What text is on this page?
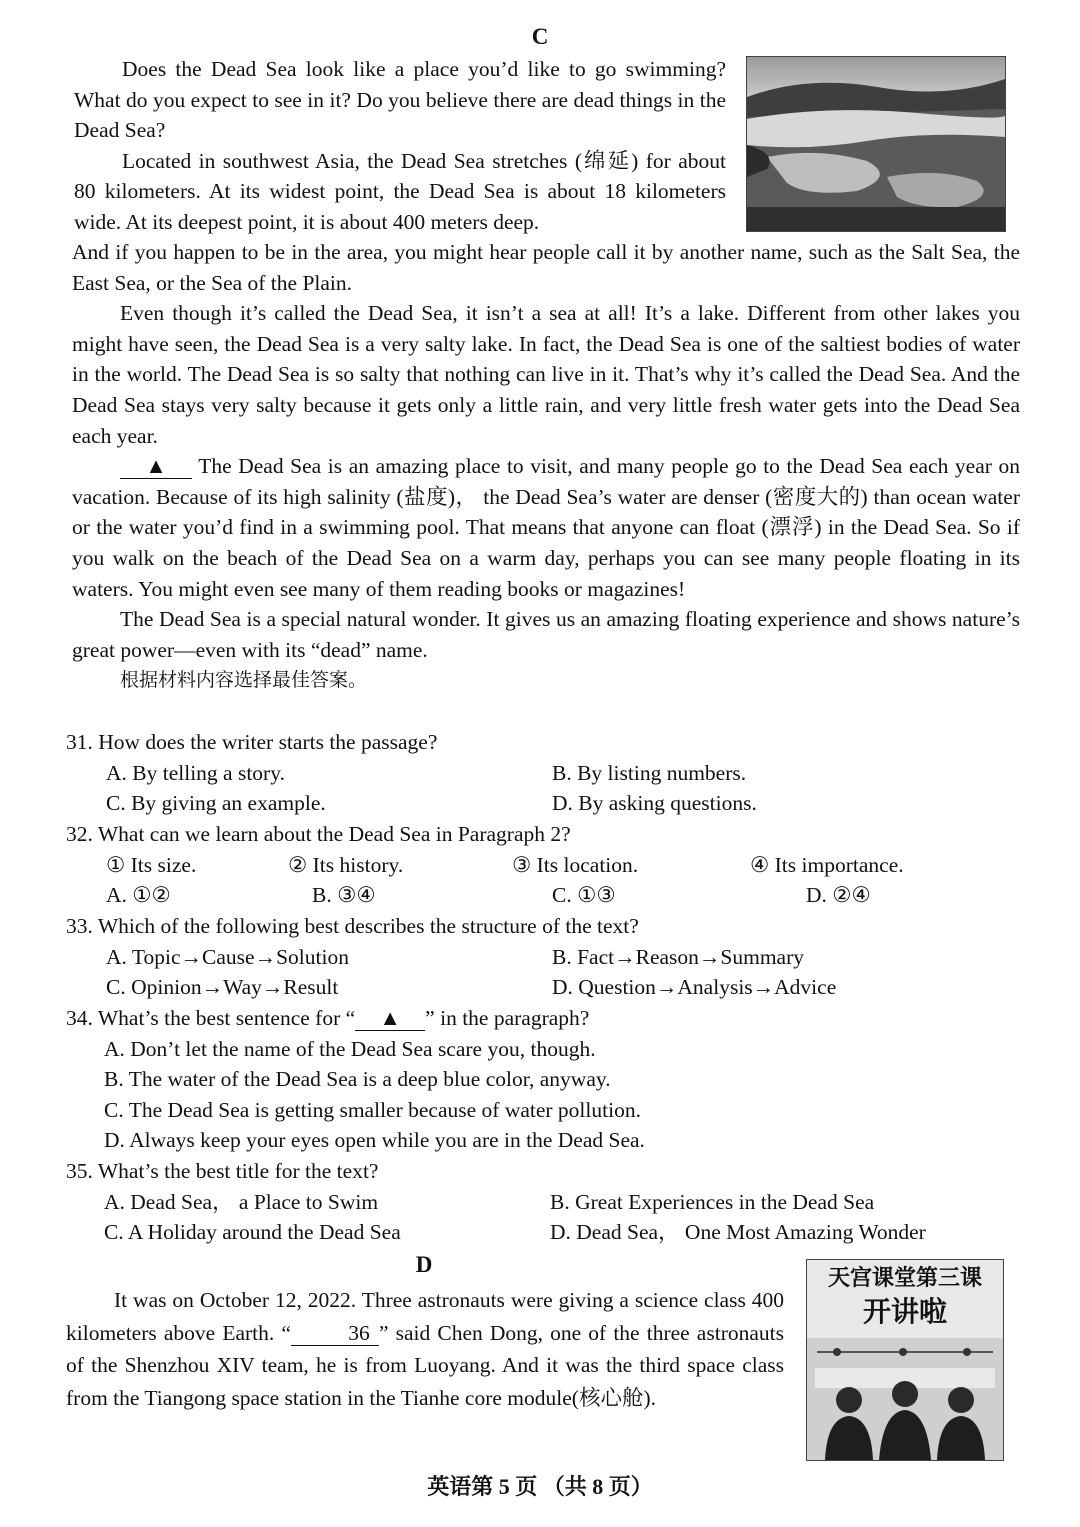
C

Does the Dead Sea look like a place you’d like to go swimming? What do you expect to see in it? Do you believe there are dead things in the Dead Sea?

Located in southwest Asia, the Dead Sea stretches (绵延) for about 80 kilometers. At its widest point, the Dead Sea is about 18 kilometers wide. At its deepest point, it is about 400 meters deep.

And if you happen to be in the area, you might hear people call it by another name, such as the Salt Sea, the East Sea, or the Sea of the Plain.

Even though it’s called the Dead Sea, it isn’t a sea at all! It’s a lake. Different from other lakes you might have seen, the Dead Sea is a very salty lake. In fact, the Dead Sea is one of the saltiest bodies of water in the world. The Dead Sea is so salty that nothing can live in it. That’s why it’s called the Dead Sea. And the Dead Sea stays very salty because it gets only a little rain, and very little fresh water gets into the Dead Sea each year.

▲ The Dead Sea is an amazing place to visit, and many people go to the Dead Sea each year on vacation. Because of its high salinity (盐度)， the Dead Sea’s water are denser (密度大的) than ocean water or the water you’d find in a swimming pool. That means that anyone can float (漂浮) in the Dead Sea. So if you walk on the beach of the Dead Sea on a warm day, perhaps you can see many people floating in its waters. You might even see many of them reading books or magazines!

The Dead Sea is a special natural wonder. It gives us an amazing floating experience and shows nature’s great power—even with its “dead” name.

根据材料内容选择最佳答案。

31. How does the writer starts the passage?
A. By telling a story.	B. By listing numbers.
C. By giving an example.	D. By asking questions.
32. What can we learn about the Dead Sea in Paragraph 2?
① Its size.	② Its history.	③ Its location.	④ Its importance.
A. ①②	B. ③④	C. ①③	D. ②④
33. Which of the following best describes the structure of the text?
A. Topic→Cause→Solution	B. Fact→Reason→Summary
C. Opinion→Way→Result	D. Question→Analysis→Advice
34. What’s the best sentence for “ ▲ ” in the paragraph?
A. Don’t let the name of the Dead Sea scare you, though.
B. The water of the Dead Sea is a deep blue color, anyway.
C. The Dead Sea is getting smaller because of water pollution.
D. Always keep your eyes open while you are in the Dead Sea.
35. What’s the best title for the text?
A. Dead Sea， a Place to Swim	B. Great Experiences in the Dead Sea
C. A Holiday around the Dead Sea	D. Dead Sea， One Most Amazing Wonder
D

It was on October 12, 2022. Three astronauts were giving a science class 400 kilometers above Earth. “	36 ” said Chen Dong, one of the three astronauts of the Shenzhou XIV team, he is from Luoyang. And it was the third space class from the Tiangong space station in the Tianhe core module(核心舱).

天宫课堂第三课
开讲啦
英语第 5 页 （共 8 页）
